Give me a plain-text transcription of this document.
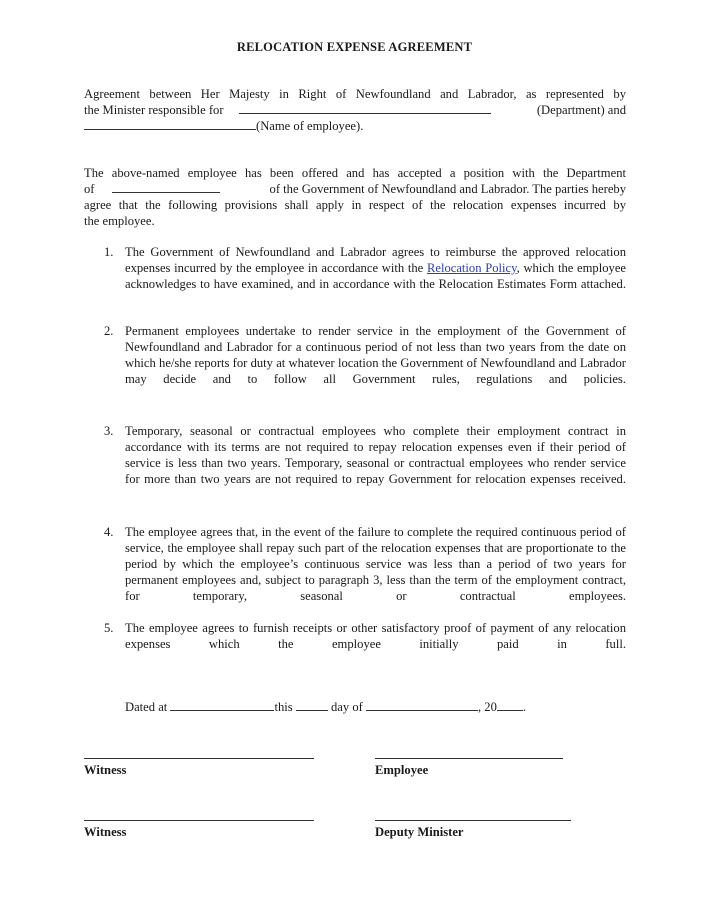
RELOCATION EXPENSE AGREEMENT
Agreement between Her Majesty in Right of Newfoundland and Labrador, as represented by
the Minister responsible for	(Department) and
(Name of employee).
The above-named employee has been offered and has accepted a position with the Department
of	of the Government of Newfoundland and Labrador. The parties hereby
agree that the following provisions shall apply in respect of the relocation expenses incurred by
the employee.
1. The Government of Newfoundland and Labrador agrees to reimburse the approved relocation expenses incurred by the employee in accordance with the Relocation Policy, which the employee acknowledges to have examined, and in accordance with the Relocation Estimates Form attached.
2. Permanent employees undertake to render service in the employment of the Government of Newfoundland and Labrador for a continuous period of not less than two years from the date on which he/she reports for duty at whatever location the Government of Newfoundland and Labrador may decide and to follow all Government rules, regulations and policies.
3. Temporary, seasonal or contractual employees who complete their employment contract in accordance with its terms are not required to repay relocation expenses even if their period of service is less than two years. Temporary, seasonal or contractual employees who render service for more than two years are not required to repay Government for relocation expenses received.
4. The employee agrees that, in the event of the failure to complete the required continuous period of service, the employee shall repay such part of the relocation expenses that are proportionate to the period by which the employee’s continuous service was less than a period of two years for permanent employees and, subject to paragraph 3, less than the term of the employment contract, for temporary, seasonal or contractual employees.
5. The employee agrees to furnish receipts or other satisfactory proof of payment of any relocation expenses which the employee initially paid in full.
Dated at	this	day of	, 20 .
Witness	Employee
Witness	Deputy Minister
